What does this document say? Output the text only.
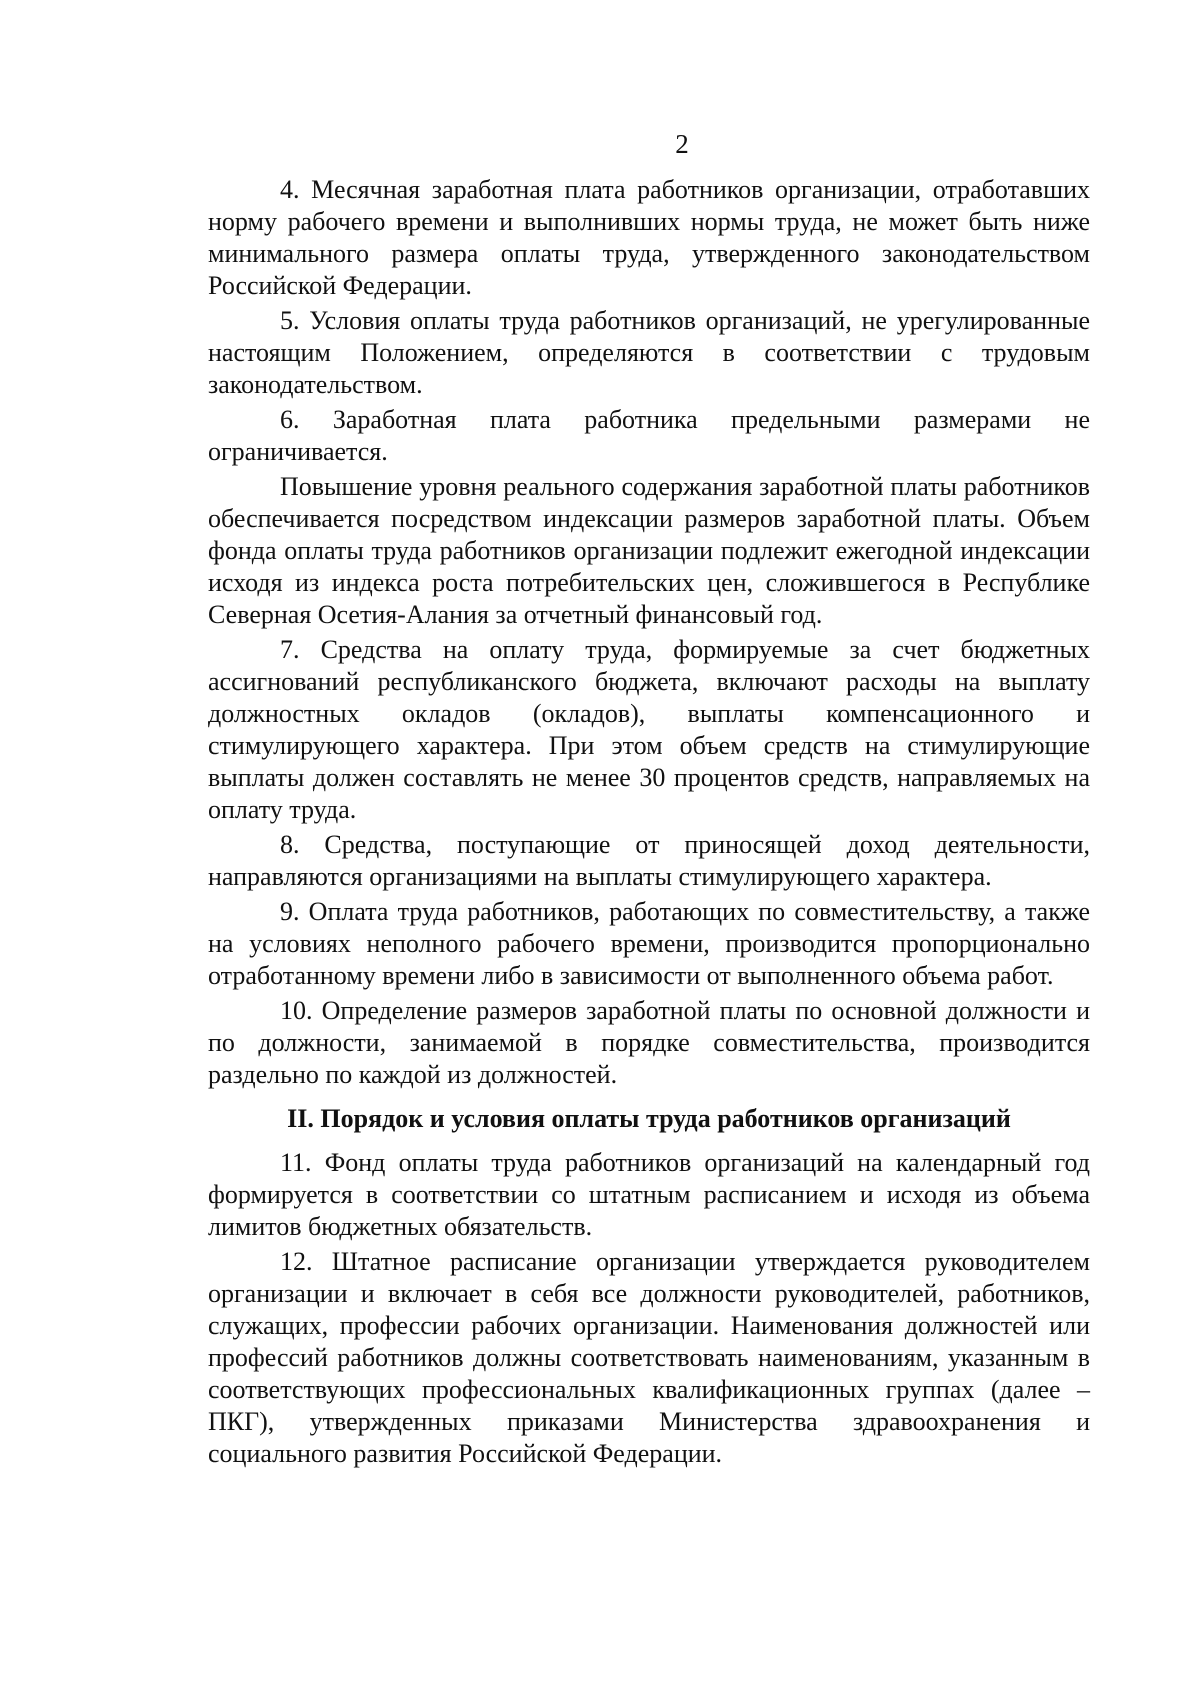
2

4. Месячная заработная плата работников организации, отработавших норму рабочего времени и выполнивших нормы труда, не может быть ниже минимального размера оплаты труда, утвержденного законодательством Российской Федерации.

5. Условия оплаты труда работников организаций, не урегулированные настоящим Положением, определяются в соответствии с трудовым законодательством.

6. Заработная плата работника предельными размерами не ограничивается.

Повышение уровня реального содержания заработной платы работников обеспечивается посредством индексации размеров заработной платы. Объем фонда оплаты труда работников организации подлежит ежегодной индексации исходя из индекса роста потребительских цен, сложившегося в Республике Северная Осетия-Алания за отчетный финансовый год.

7. Средства на оплату труда, формируемые за счет бюджетных ассигнований республиканского бюджета, включают расходы на выплату должностных окладов (окладов), выплаты компенсационного и стимулирующего характера. При этом объем средств на стимулирующие выплаты должен составлять не менее 30 процентов средств, направляемых на оплату труда.

8. Средства, поступающие от приносящей доход деятельности, направляются организациями на выплаты стимулирующего характера.

9. Оплата труда работников, работающих по совместительству, а также на условиях неполного рабочего времени, производится пропорционально отработанному времени либо в зависимости от выполненного объема работ.

10. Определение размеров заработной платы по основной должности и по должности, занимаемой в порядке совместительства, производится раздельно по каждой из должностей.

II. Порядок и условия оплаты труда работников организаций

11. Фонд оплаты труда работников организаций на календарный год формируется в соответствии со штатным расписанием и исходя из объема лимитов бюджетных обязательств.

12. Штатное расписание организации утверждается руководителем организации и включает в себя все должности руководителей, работников, служащих, профессии рабочих организации. Наименования должностей или профессий работников должны соответствовать наименованиям, указанным в соответствующих профессиональных квалификационных группах (далее – ПКГ), утвержденных приказами Министерства здравоохранения и социального развития Российской Федерации.
